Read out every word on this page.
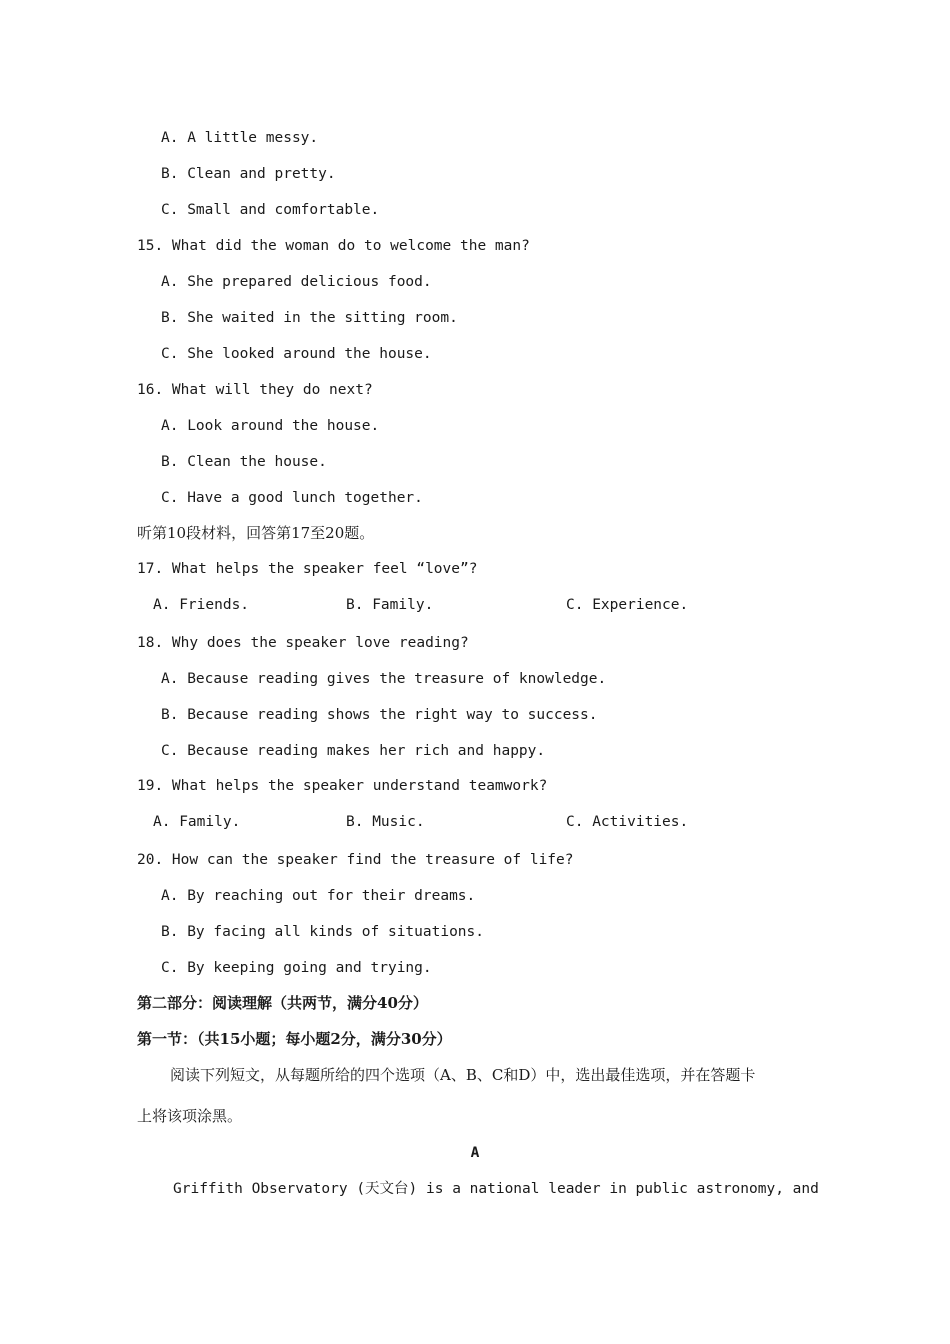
A. A little messy.
B. Clean and pretty.
C. Small and comfortable.
15. What did the woman do to welcome the man?
A. She prepared delicious food.
B. She waited in the sitting room.
C. She looked around the house.
16. What will they do next?
A. Look around the house.
B. Clean the house.
C. Have a good lunch together.
听第10段材料，回答第17至20题。
17. What helps the speaker feel “love”?
A. Friends.	B. Family.	C. Experience.
18. Why does the speaker love reading?
A. Because reading gives the treasure of knowledge.
B. Because reading shows the right way to success.
C. Because reading makes her rich and happy.
19. What helps the speaker understand teamwork?
A. Family.	B. Music.	C. Activities.
20. How can the speaker find the treasure of life?
A. By reaching out for their dreams.
B. By facing all kinds of situations.
C. By keeping going and trying.
第二部分：阅读理解（共两节，满分40分）
第一节：（共15小题；每小题2分，满分30分）
阅读下列短文，从每题所给的四个选项（A、B、C和D）中，选出最佳选项，并在答题卡
上将该项涂黑。
A
Griffith Observatory (天文台) is a national leader in public astronomy, and
